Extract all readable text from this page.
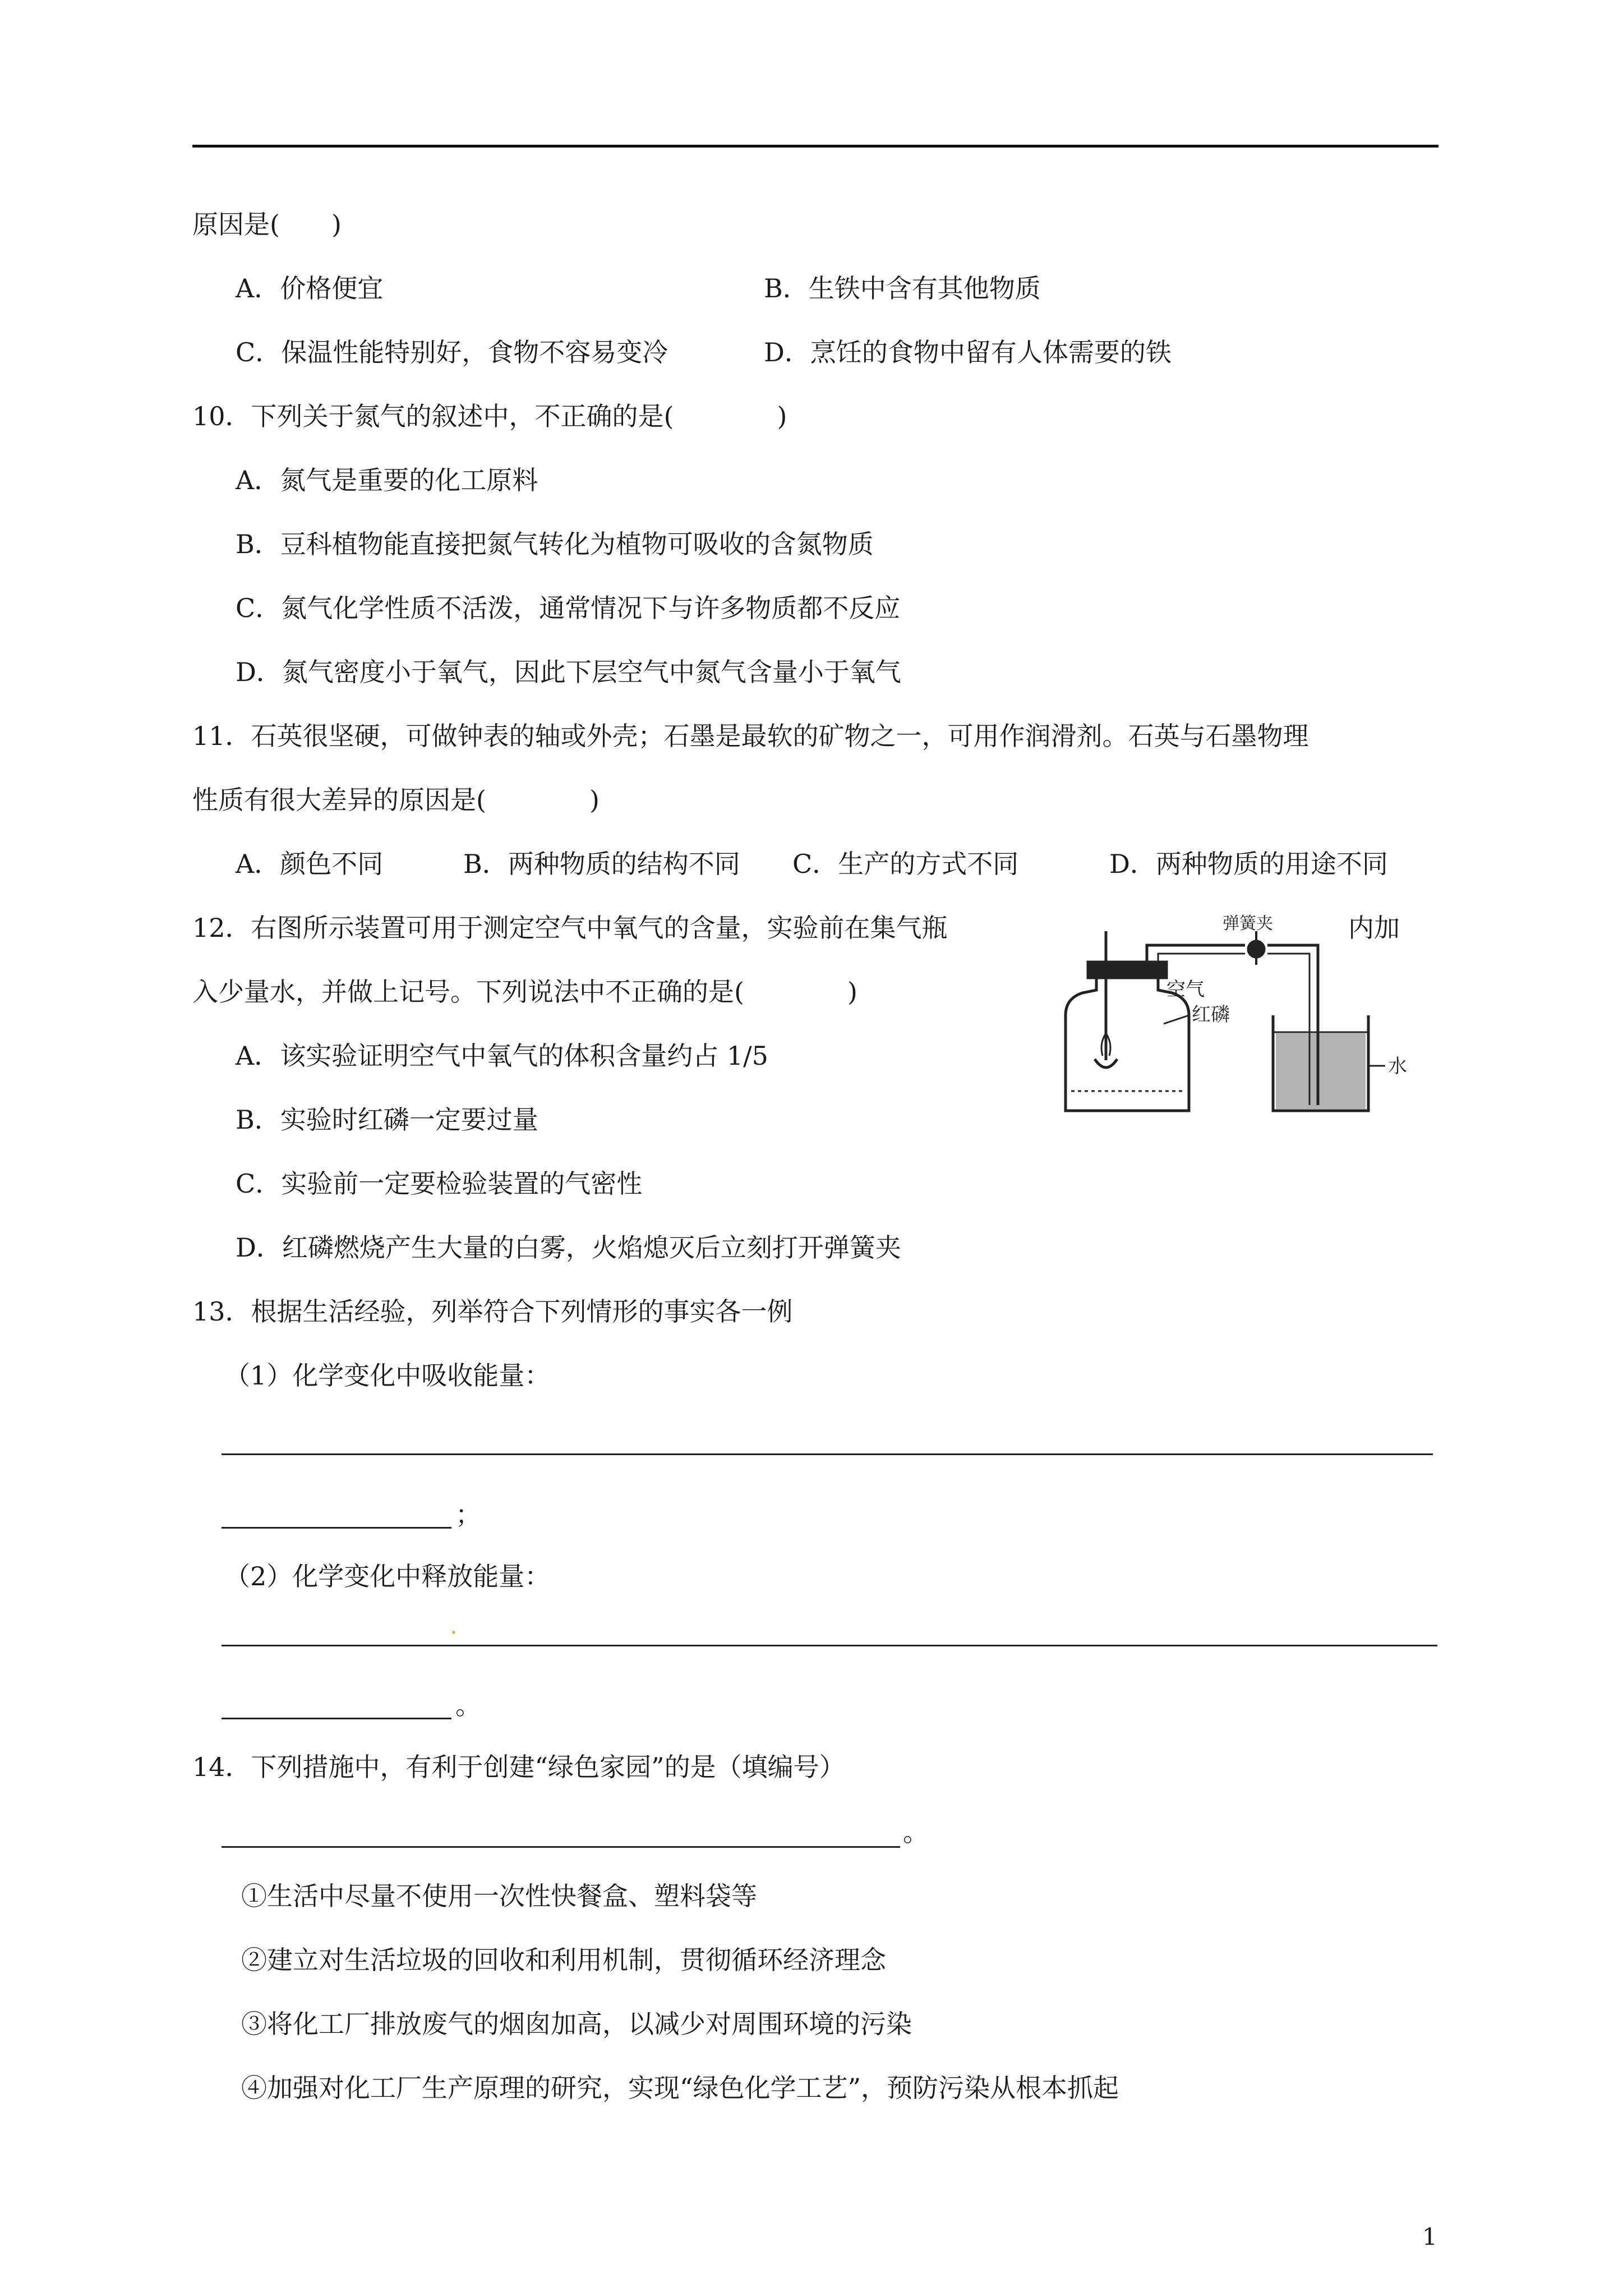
原因是(　　)
A．价格便宜	B．生铁中含有其他物质
C．保温性能特别好，食物不容易变冷	D．烹饪的食物中留有人体需要的铁
10．下列关于氮气的叙述中，不正确的是(　　　　)
A．氮气是重要的化工原料
B．豆科植物能直接把氮气转化为植物可吸收的含氮物质
C．氮气化学性质不活泼，通常情况下与许多物质都不反应
D．氮气密度小于氧气，因此下层空气中氮气含量小于氧气
11．石英很坚硬，可做钟表的轴或外壳；石墨是最软的矿物之一，可用作润滑剂。石英与石墨物理
性质有很大差异的原因是(　　　　)
A．颜色不同	B．两种物质的结构不同 C．生产的方式不同	D．两种物质的用途不同
12．右图所示装置可用于测定空气中氧气的含量，实验前在集气瓶	内加
入少量水，并做上记号。下列说法中不正确的是(　　　　)
A．该实验证明空气中氧气的体积含量约占 1/5
B．实验时红磷一定要过量
C．实验前一定要检验装置的气密性
D．红磷燃烧产生大量的白雾，火焰熄灭后立刻打开弹簧夹
弹簧夹
空气
红磷
水
13．根据生活经验，列举符合下列情形的事实各一例
（1）化学变化中吸收能量：
；
（2）化学变化中释放能量：
。
14．下列措施中，有利于创建“绿色家园”的是（填编号）
。
①生活中尽量不使用一次性快餐盒、塑料袋等
②建立对生活垃圾的回收和利用机制，贯彻循环经济理念
③将化工厂排放废气的烟囱加高，以减少对周围环境的污染
④加强对化工厂生产原理的研究，实现“绿色化学工艺”，预防污染从根本抓起
1
